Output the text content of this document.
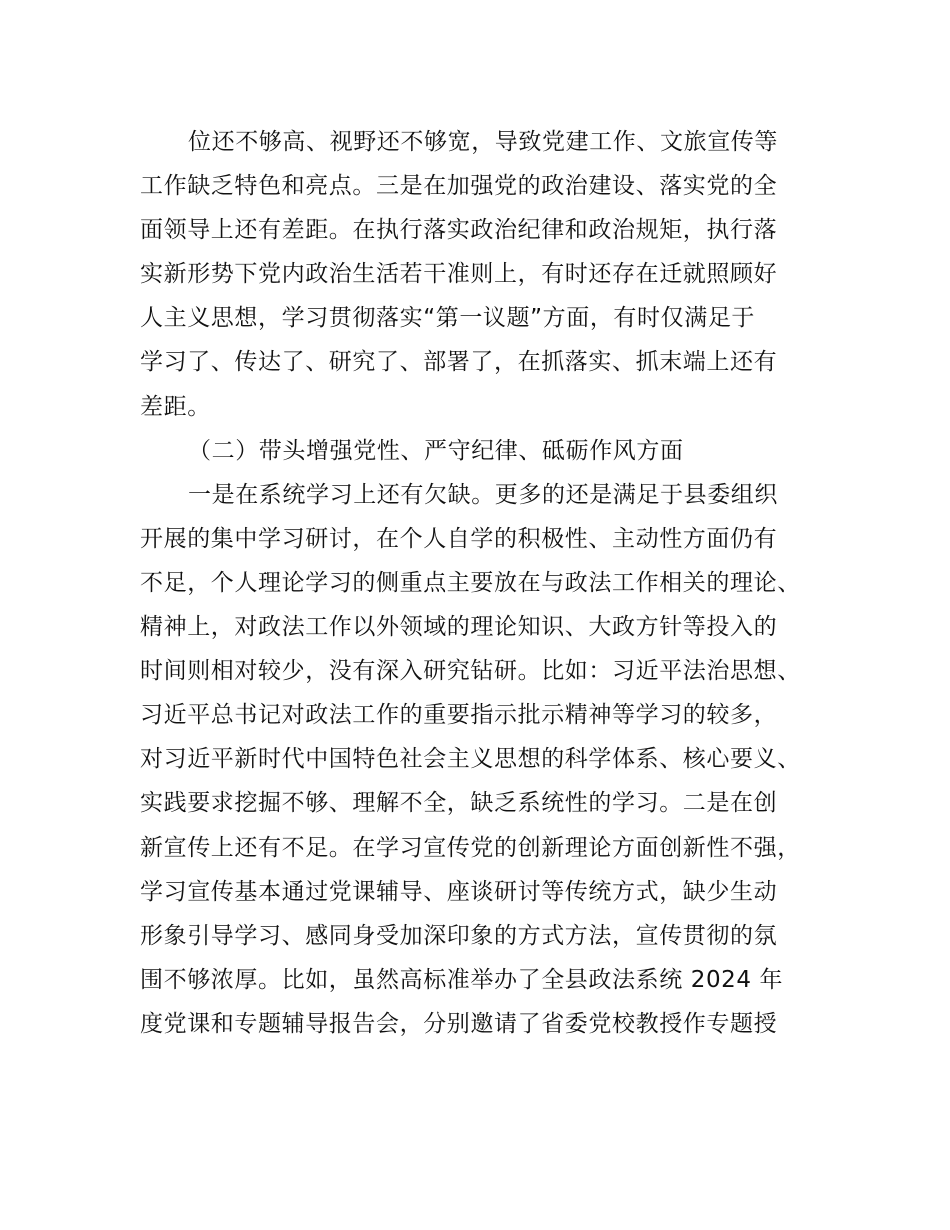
位还不够高、视野还不够宽，导致党建工作、文旅宣传等
工作缺乏特色和亮点。三是在加强党的政治建设、落实党的全
面领导上还有差距。在执行落实政治纪律和政治规矩，执行落
实新形势下党内政治生活若干准则上，有时还存在迁就照顾好
人主义思想，学习贯彻落实“第一议题”方面，有时仅满足于
学习了、传达了、研究了、部署了，在抓落实、抓末端上还有
差距。
（二）带头增强党性、严守纪律、砥砺作风方面
一是在系统学习上还有欠缺。更多的还是满足于县委组织
开展的集中学习研讨，在个人自学的积极性、主动性方面仍有
不足，个人理论学习的侧重点主要放在与政法工作相关的理论、
精神上，对政法工作以外领域的理论知识、大政方针等投入的
时间则相对较少，没有深入研究钻研。比如：习近平法治思想、
习近平总书记对政法工作的重要指示批示精神等学习的较多，
对习近平新时代中国特色社会主义思想的科学体系、核心要义、
实践要求挖掘不够、理解不全，缺乏系统性的学习。二是在创
新宣传上还有不足。在学习宣传党的创新理论方面创新性不强，
学习宣传基本通过党课辅导、座谈研讨等传统方式，缺少生动
形象引导学习、感同身受加深印象的方式方法，宣传贯彻的氛
围不够浓厚。比如，虽然高标准举办了全县政法系统 2024 年
度党课和专题辅导报告会，分别邀请了省委党校教授作专题授
